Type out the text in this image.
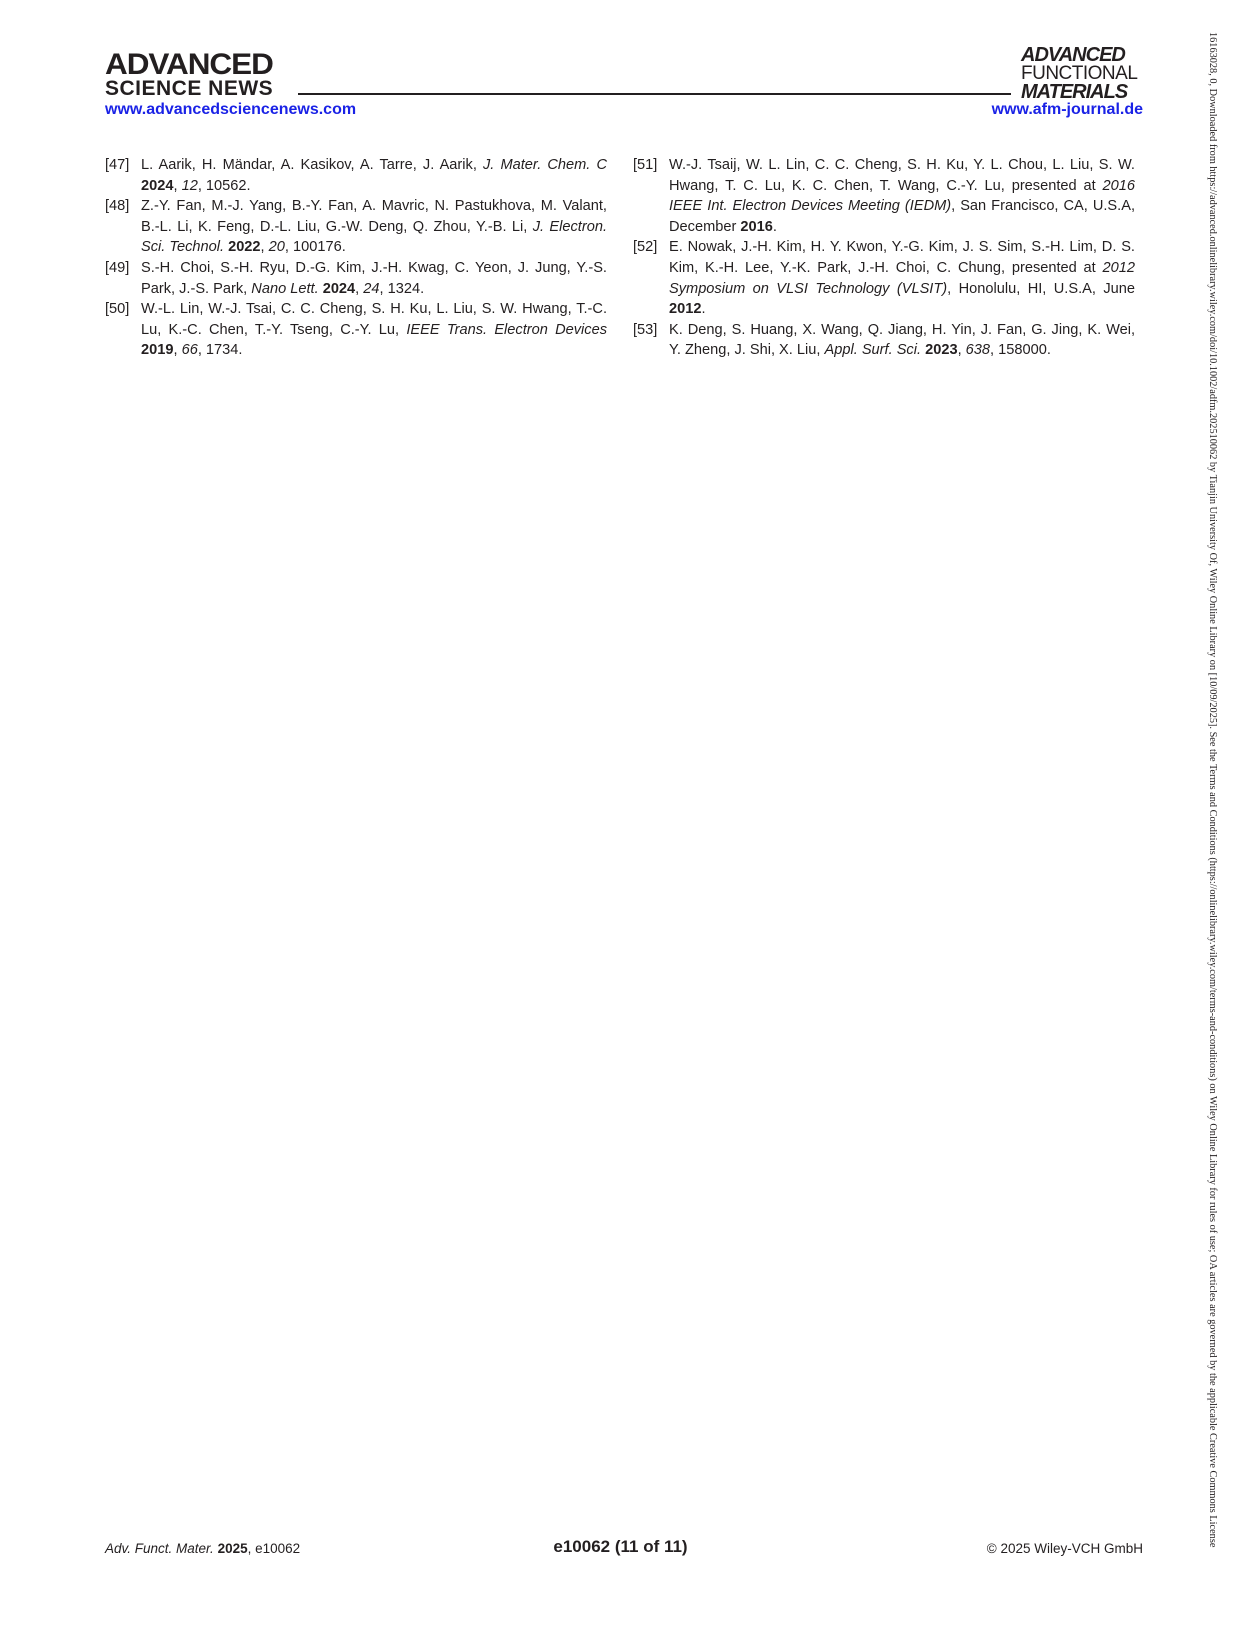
ADVANCED
SCIENCE NEWS
ADVANCED
FUNCTIONAL
MATERIALS
www.advancedsciencenews.com	www.afm-journal.de
[47] L. Aarik, H. Mändar, A. Kasikov, A. Tarre, J. Aarik, J. Mater. Chem. C 2024, 12, 10562.
[48] Z.-Y. Fan, M.-J. Yang, B.-Y. Fan, A. Mavric, N. Pastukhova, M. Valant, B.-L. Li, K. Feng, D.-L. Liu, G.-W. Deng, Q. Zhou, Y.-B. Li, J. Electron. Sci. Technol. 2022, 20, 100176.
[49] S.-H. Choi, S.-H. Ryu, D.-G. Kim, J.-H. Kwag, C. Yeon, J. Jung, Y.-S. Park, J.-S. Park, Nano Lett. 2024, 24, 1324.
[50] W.-L. Lin, W.-J. Tsai, C. C. Cheng, S. H. Ku, L. Liu, S. W. Hwang, T.-C. Lu, K.-C. Chen, T.-Y. Tseng, C.-Y. Lu, IEEE Trans. Electron Devices 2019, 66, 1734.
[51] W.-J. Tsaij, W. L. Lin, C. C. Cheng, S. H. Ku, Y. L. Chou, L. Liu, S. W. Hwang, T. C. Lu, K. C. Chen, T. Wang, C.-Y. Lu, presented at 2016 IEEE Int. Electron Devices Meeting (IEDM), San Francisco, CA, U.S.A, December 2016.
[52] E. Nowak, J.-H. Kim, H. Y. Kwon, Y.-G. Kim, J. S. Sim, S.-H. Lim, D. S. Kim, K.-H. Lee, Y.-K. Park, J.-H. Choi, C. Chung, presented at 2012 Symposium on VLSI Technology (VLSIT), Honolulu, HI, U.S.A, June 2012.
[53] K. Deng, S. Huang, X. Wang, Q. Jiang, H. Yin, J. Fan, G. Jing, K. Wei, Y. Zheng, J. Shi, X. Liu, Appl. Surf. Sci. 2023, 638, 158000.
Adv. Funct. Mater. 2025, e10062	e10062 (11 of 11)	© 2025 Wiley-VCH GmbH
16163028, 0, Downloaded from https://advanced.onlinelibrary.wiley.com/doi/10.1002/adfm.202510062 by Tianjin University Of, Wiley Online Library on [10/09/2025]. See the Terms and Conditions (https://onlinelibrary.wiley.com/terms-and-conditions) on Wiley Online Library for rules of use; OA articles are governed by the applicable Creative Commons License
